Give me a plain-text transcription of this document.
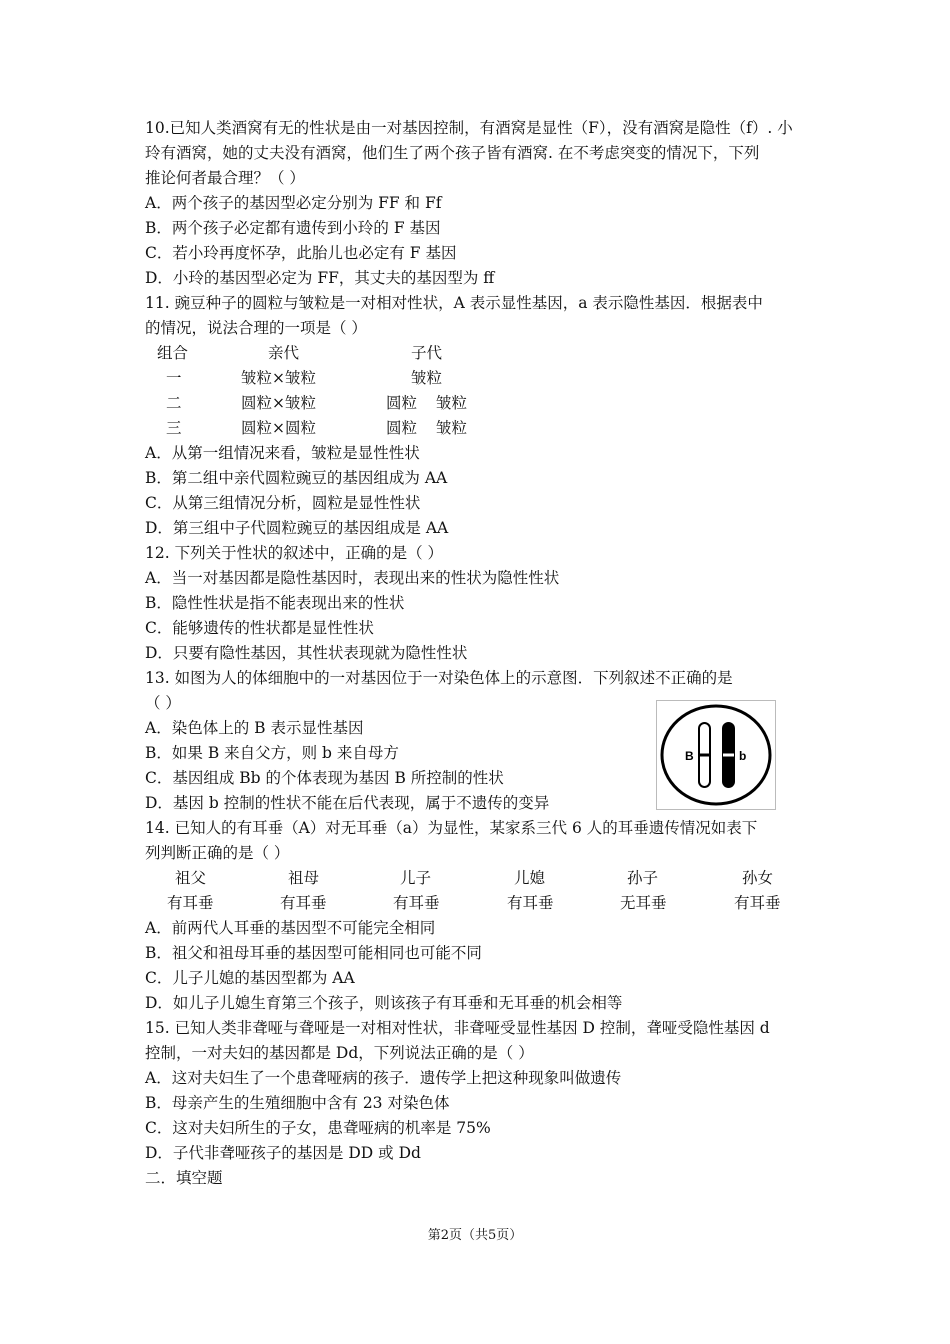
10.已知人类酒窝有无的性状是由一对基因控制，有酒窝是显性（F），没有酒窝是隐性（f）. 小
玲有酒窝，她的丈夫没有酒窝，他们生了两个孩子皆有酒窝. 在不考虑突变的情况下，下列
推论何者最合理？（ ）
A．两个孩子的基因型必定分别为 FF 和 Ff
B．两个孩子必定都有遗传到小玲的 F 基因
C．若小玲再度怀孕，此胎儿也必定有 F 基因
D．小玲的基因型必定为 FF，其丈夫的基因型为 ff
11. 豌豆种子的圆粒与皱粒是一对相对性状，A 表示显性基因，a 表示隐性基因．根据表中
的情况，说法合理的一项是（ ）
组合	亲代	子代
一	皱粒×皱粒	皱粒
二	圆粒×皱粒	圆粒 皱粒
三	圆粒×圆粒	圆粒 皱粒
A．从第一组情况来看，皱粒是显性性状
B．第二组中亲代圆粒豌豆的基因组成为 AA
C．从第三组情况分析，圆粒是显性性状
D．第三组中子代圆粒豌豆的基因组成是 AA
12. 下列关于性状的叙述中，正确的是（ ）
A．当一对基因都是隐性基因时，表现出来的性状为隐性性状
B．隐性性状是指不能表现出来的性状
C．能够遗传的性状都是显性性状
D．只要有隐性基因，其性状表现就为隐性性状
13. 如图为人的体细胞中的一对基因位于一对染色体上的示意图．下列叙述不正确的是
（ ）
A．染色体上的 B 表示显性基因
B．如果 B 来自父方，则 b 来自母方
C．基因组成 Bb 的个体表现为基因 B 所控制的性状
D．基因 b 控制的性状不能在后代表现，属于不遗传的变异
B	b
14. 已知人的有耳垂（A）对无耳垂（a）为显性，某家系三代 6 人的耳垂遗传情况如表下
列判断正确的是（ ）
祖父	祖母	儿子	儿媳	孙子	孙女
有耳垂	有耳垂	有耳垂	有耳垂	无耳垂	有耳垂
A．前两代人耳垂的基因型不可能完全相同
B．祖父和祖母耳垂的基因型可能相同也可能不同
C．儿子儿媳的基因型都为 AA
D．如儿子儿媳生育第三个孩子，则该孩子有耳垂和无耳垂的机会相等
15. 已知人类非聋哑与聋哑是一对相对性状，非聋哑受显性基因 D 控制，聋哑受隐性基因 d
控制，一对夫妇的基因都是 Dd，下列说法正确的是（ ）
A．这对夫妇生了一个患聋哑病的孩子．遗传学上把这种现象叫做遗传
B．母亲产生的生殖细胞中含有 23 对染色体
C．这对夫妇所生的子女，患聋哑病的机率是 75%
D．子代非聋哑孩子的基因是 DD 或 Dd
二．填空题
第2页（共5页）
